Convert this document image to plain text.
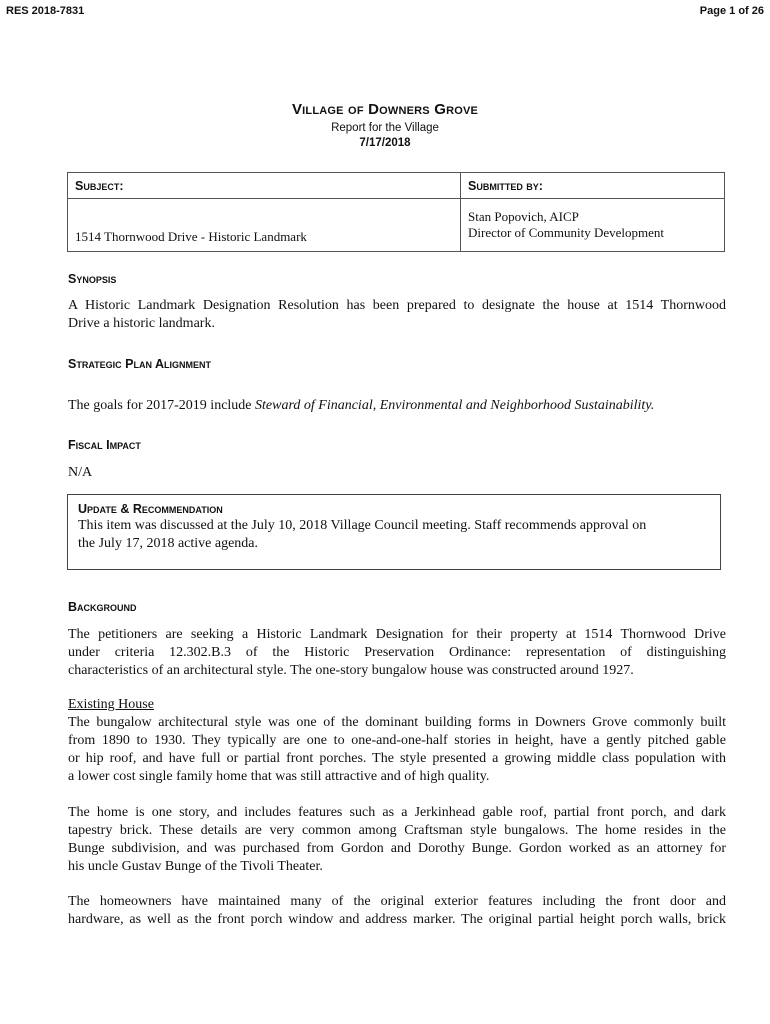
RES 2018-7831	Page 1 of 26
Village of Downers Grove
Report for the Village
7/17/2018
Subject:	Submitted by:
1514 Thornwood Drive - Historic Landmark	Stan Popovich, AICP
Director of Community Development
Synopsis
A Historic Landmark Designation Resolution has been prepared to designate the house at 1514 Thornwood
Drive a historic landmark.
Strategic Plan Alignment
The goals for 2017-2019 include Steward of Financial, Environmental and Neighborhood Sustainability.
Fiscal Impact
N/A
Update & Recommendation
This item was discussed at the July 10, 2018 Village Council meeting. Staff recommends approval on
the July 17, 2018 active agenda.
Background
The petitioners are seeking a Historic Landmark Designation for their property at 1514 Thornwood Drive
under criteria 12.302.B.3 of the Historic Preservation Ordinance: representation of distinguishing
characteristics of an architectural style. The one-story bungalow house was constructed around 1927.
Existing House
The bungalow architectural style was one of the dominant building forms in Downers Grove commonly built
from 1890 to 1930. They typically are one to one-and-one-half stories in height, have a gently pitched gable
or hip roof, and have full or partial front porches. The style presented a growing middle class population with
a lower cost single family home that was still attractive and of high quality.
The home is one story, and includes features such as a Jerkinhead gable roof, partial front porch, and dark
tapestry brick. These details are very common among Craftsman style bungalows. The home resides in the
Bunge subdivision, and was purchased from Gordon and Dorothy Bunge. Gordon worked as an attorney for
his uncle Gustav Bunge of the Tivoli Theater.
The homeowners have maintained many of the original exterior features including the front door and
hardware, as well as the front porch window and address marker. The original partial height porch walls, brick
